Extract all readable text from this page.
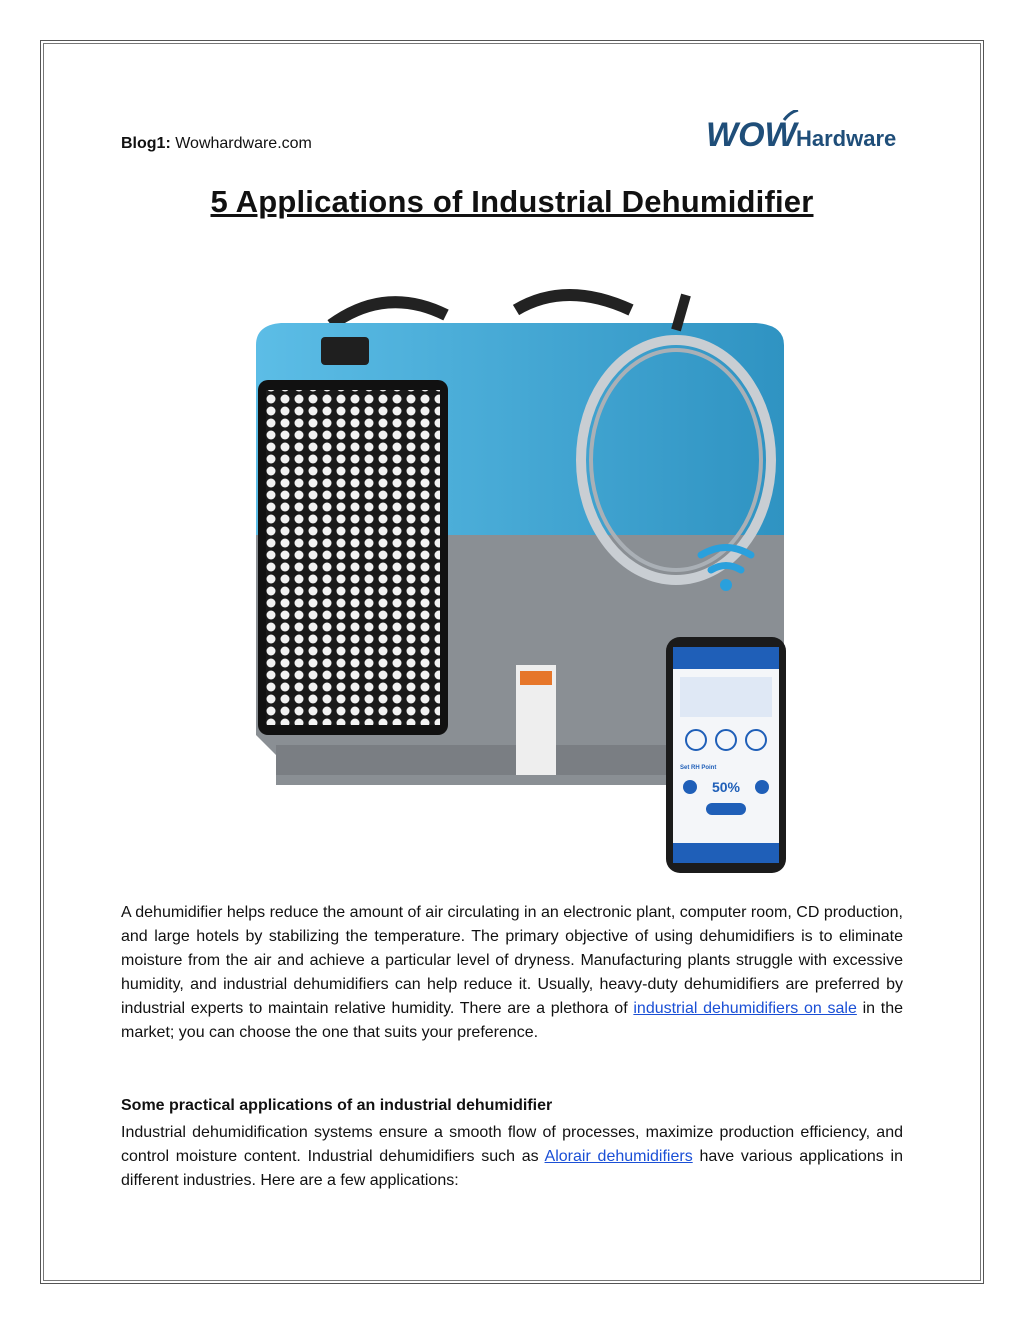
Blog1: Wowhardware.com	WOW Hardware
5 Applications of Industrial Dehumidifier
Set RH Point
50%
A dehumidifier helps reduce the amount of air circulating in an electronic plant, computer room, CD production, and large hotels by stabilizing the temperature. The primary objective of using dehumidifiers is to eliminate moisture from the air and achieve a particular level of dryness. Manufacturing plants struggle with excessive humidity, and industrial dehumidifiers can help reduce it. Usually, heavy-duty dehumidifiers are preferred by industrial experts to maintain relative humidity. There are a plethora of industrial dehumidifiers on sale in the market; you can choose the one that suits your preference.
Some practical applications of an industrial dehumidifier
Industrial dehumidification systems ensure a smooth flow of processes, maximize production efficiency, and control moisture content. Industrial dehumidifiers such as Alorair dehumidifiers have various applications in different industries. Here are a few applications:
